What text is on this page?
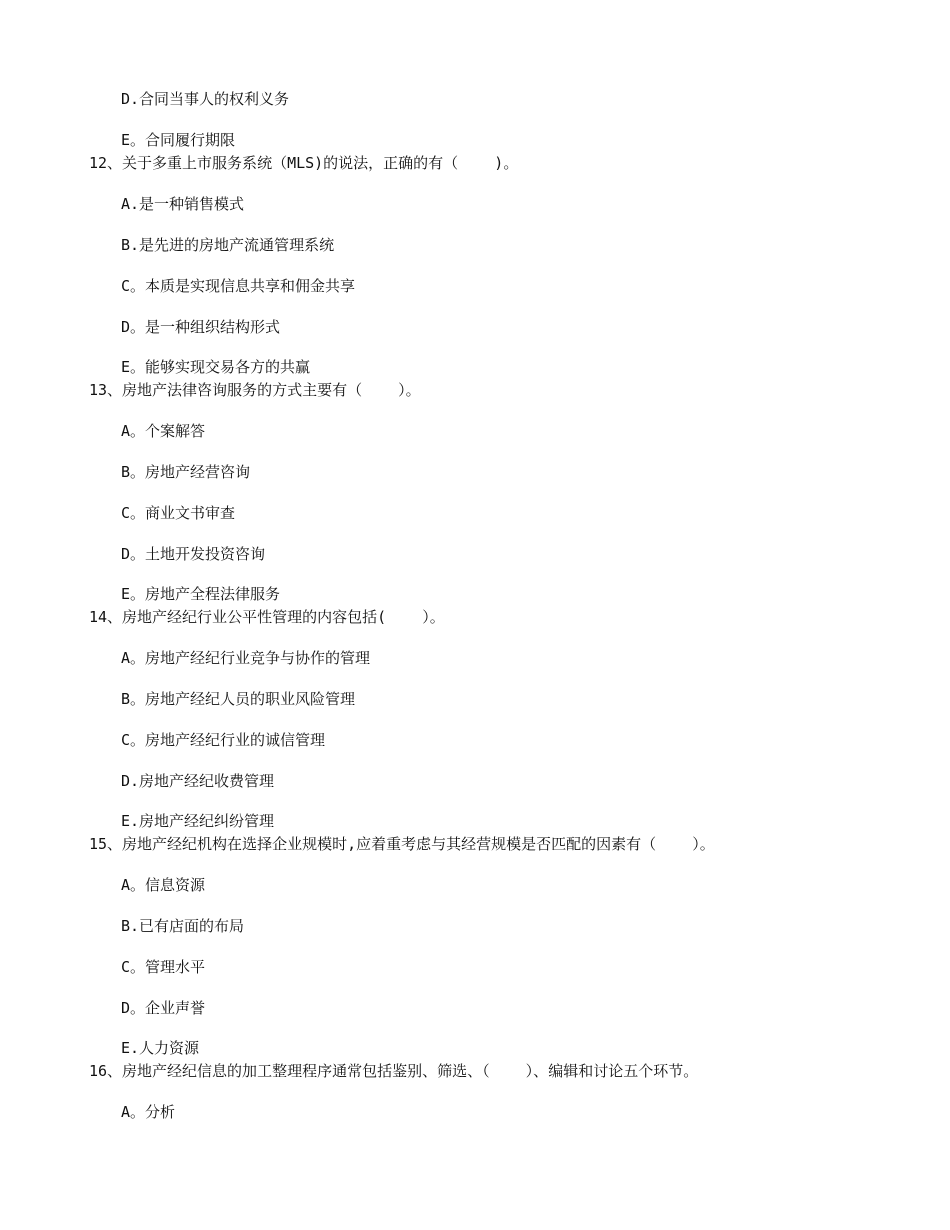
D.合同当事人的权利义务

E。合同履行期限

12、关于多重上市服务系统（MLS)的说法，正确的有（    )。

A.是一种销售模式

B.是先进的房地产流通管理系统

C。本质是实现信息共享和佣金共享

D。是一种组织结构形式

E。能够实现交易各方的共赢

13、房地产法律咨询服务的方式主要有（    ）。

A。个案解答

B。房地产经营咨询

C。商业文书审查

D。土地开发投资咨询

E。房地产全程法律服务

14、房地产经纪行业公平性管理的内容包括(    ）。

A。房地产经纪行业竞争与协作的管理

B。房地产经纪人员的职业风险管理

C。房地产经纪行业的诚信管理

D.房地产经纪收费管理

E.房地产经纪纠纷管理

15、房地产经纪机构在选择企业规模时,应着重考虑与其经营规模是否匹配的因素有（    ）。

A。信息资源

B.已有店面的布局

C。管理水平

D。企业声誉

E.人力资源

16、房地产经纪信息的加工整理程序通常包括鉴别、筛选、（    ）、编辑和讨论五个环节。

A。分析
